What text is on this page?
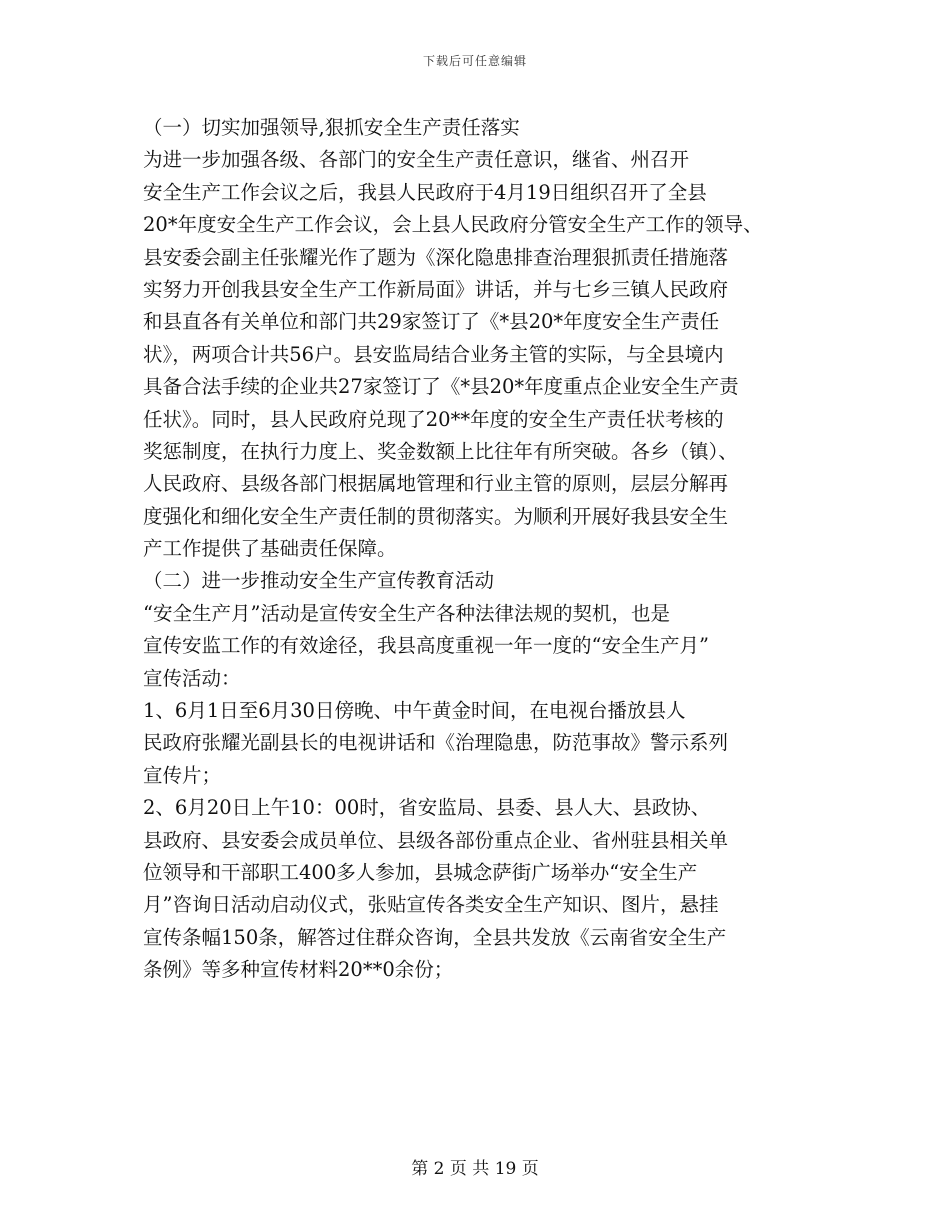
下载后可任意编辑
（一）切实加强领导,狠抓安全生产责任落实
为进一步加强各级、各部门的安全生产责任意识，继省、州召开
安全生产工作会议之后，我县人民政府于4月19日组织召开了全县
20*年度安全生产工作会议，会上县人民政府分管安全生产工作的领导、
县安委会副主任张耀光作了题为《深化隐患排查治理狠抓责任措施落
实努力开创我县安全生产工作新局面》讲话，并与七乡三镇人民政府
和县直各有关单位和部门共29家签订了《*县20*年度安全生产责任
状》，两项合计共56户。县安监局结合业务主管的实际，与全县境内
具备合法手续的企业共27家签订了《*县20*年度重点企业安全生产责
任状》。同时，县人民政府兑现了20**年度的安全生产责任状考核的
奖惩制度，在执行力度上、奖金数额上比往年有所突破。各乡（镇）、
人民政府、县级各部门根据属地管理和行业主管的原则，层层分解再
度强化和细化安全生产责任制的贯彻落实。为顺利开展好我县安全生
产工作提供了基础责任保障。
（二）进一步推动安全生产宣传教育活动
“安全生产月”活动是宣传安全生产各种法律法规的契机，也是
宣传安监工作的有效途径，我县高度重视一年一度的“安全生产月”
宣传活动：
1、6月1日至6月30日傍晚、中午黄金时间，在电视台播放县人
民政府张耀光副县长的电视讲话和《治理隐患，防范事故》警示系列
宣传片；
2、6月20日上午10：00时，省安监局、县委、县人大、县政协、
县政府、县安委会成员单位、县级各部份重点企业、省州驻县相关单
位领导和干部职工400多人参加，县城念萨街广场举办“安全生产
月”咨询日活动启动仪式，张贴宣传各类安全生产知识、图片，悬挂
宣传条幅150条，解答过住群众咨询，全县共发放《云南省安全生产
条例》等多种宣传材料20**0余份；
第 2 页 共 19 页
